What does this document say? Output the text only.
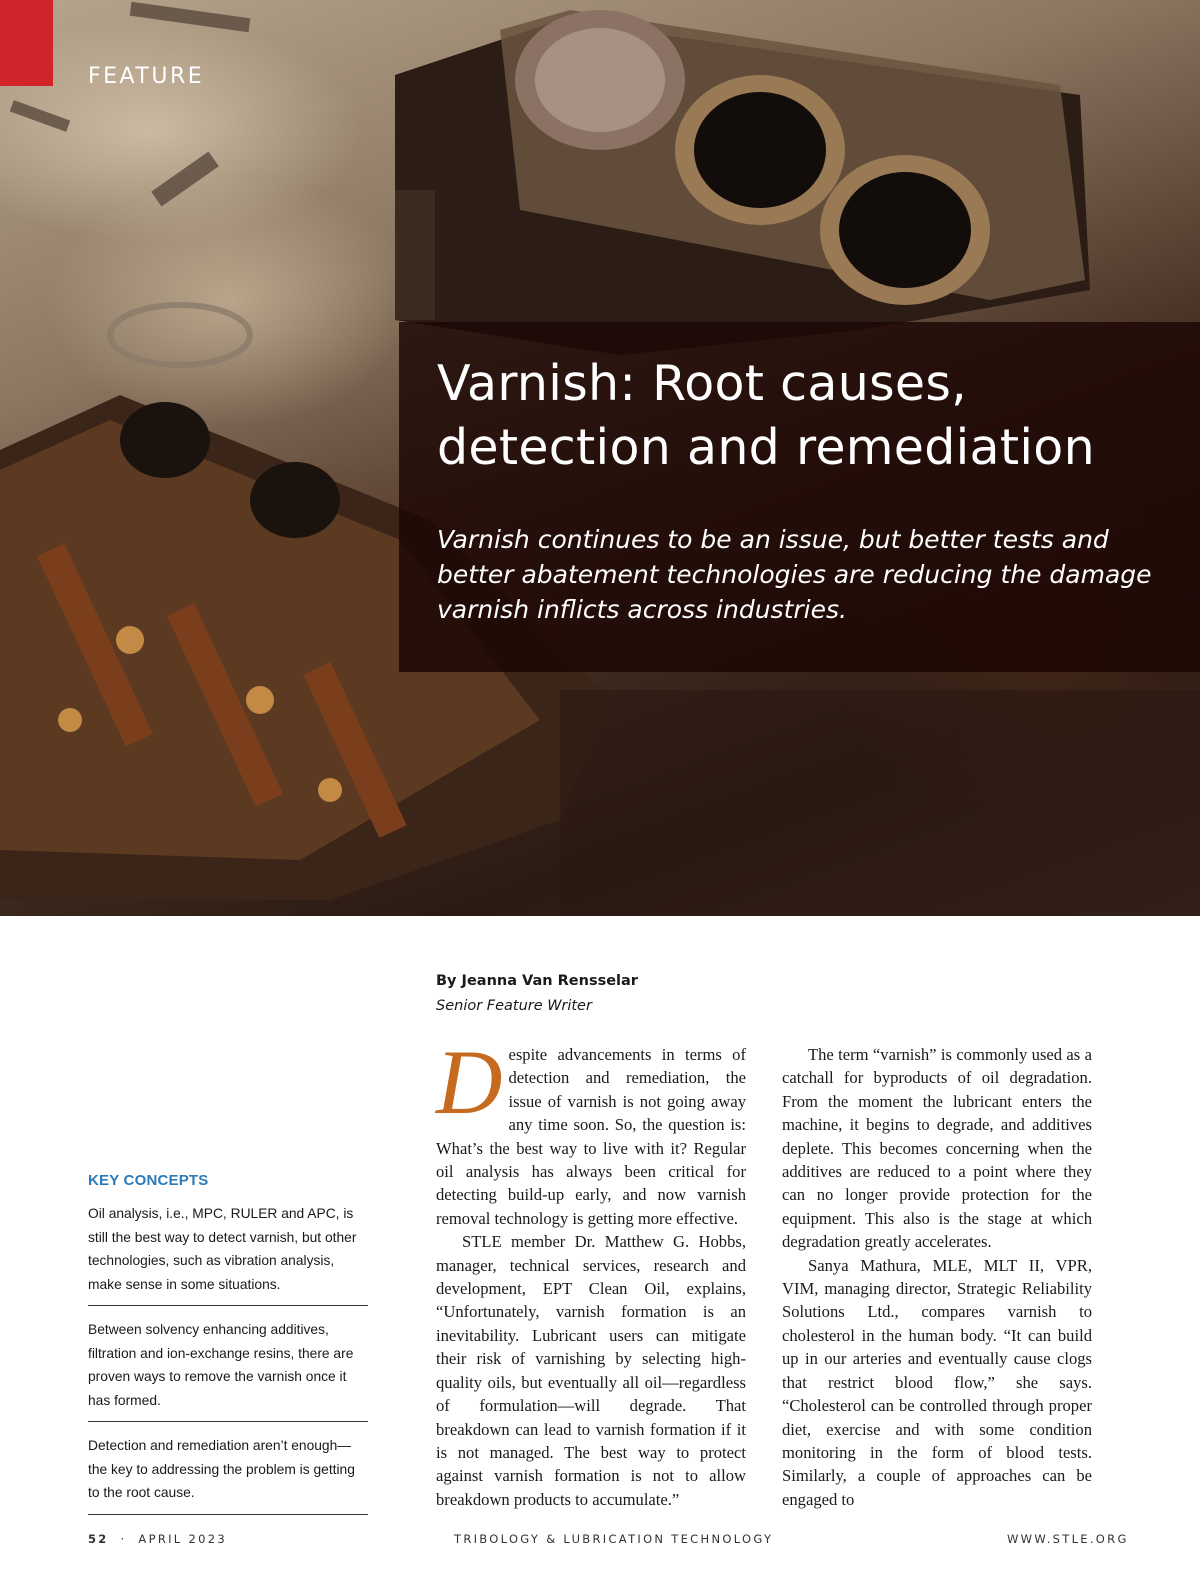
FEATURE
Varnish: Root causes, detection and remediation

Varnish continues to be an issue, but better tests and better abatement technologies are reducing the damage varnish inflicts across industries.

By Jeanna Van Rensselar
Senior Feature Writer
KEY CONCEPTS
Oil analysis, i.e., MPC, RULER and APC, is still the best way to detect varnish, but other technologies, such as vibration analysis, make sense in some situations.
Between solvency enhancing additives, filtration and ion-exchange resins, there are proven ways to remove the varnish once it has formed.
Detection and remediation aren’t enough—the key to addressing the problem is getting to the root cause.

Despite advancements in terms of detection and remediation, the issue of varnish is not going away any time soon. So, the question is: What’s the best way to live with it? Regular oil analysis has always been critical for detecting build-up early, and now varnish removal technology is getting more effective.

STLE member Dr. Matthew G. Hobbs, manager, technical services, research and development, EPT Clean Oil, explains, “Unfortunately, varnish formation is an inevitability. Lubricant users can mitigate their risk of varnishing by selecting high-quality oils, but eventually all oil—regardless of formulation—will degrade. That breakdown can lead to varnish formation if it is not managed. The best way to protect against varnish formation is not to allow breakdown products to accumulate.”

The term “varnish” is commonly used as a catchall for byproducts of oil degradation. From the moment the lubricant enters the machine, it begins to degrade, and additives deplete. This becomes concerning when the additives are reduced to a point where they can no longer provide protection for the equipment. This also is the stage at which degradation greatly accelerates.

Sanya Mathura, MLE, MLT II, VPR, VIM, managing director, Strategic Reliability Solutions Ltd., compares varnish to cholesterol in the human body. “It can build up in our arteries and eventually cause clogs that restrict blood flow,” she says. “Cholesterol can be controlled through proper diet, exercise and with some condition monitoring in the form of blood tests. Similarly, a couple of approaches can be engaged to

52 · APRIL 2023	TRIBOLOGY & LUBRICATION TECHNOLOGY	WWW.STLE.ORG
